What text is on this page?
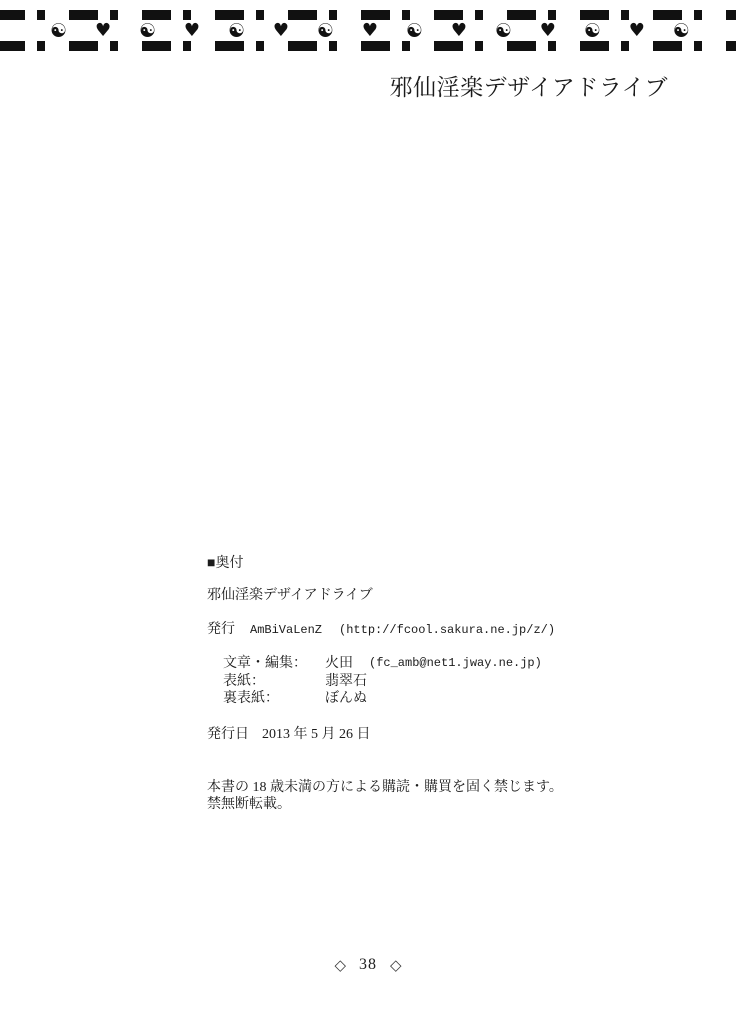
☯ ♥ ☯ ♥ ☯ ♥ ☯ ♥ ☯ ♥ ☯ ♥ ☯ ♥ ☯
邪仙淫楽デザイアドライブ
■奥付
邪仙淫楽デザイアドライブ
発行 AmBiVaLenZ (http://fcool.sakura.ne.jp/z/)
文章・編集：	火田	(fc_amb@net1.jway.ne.jp)
表紙：	翡翠石
裏表紙：	ぼんぬ
発行日 2013 年 5 月 26 日
本書の 18 歳未満の方による購読・購買を固く禁じます。
禁無断転載。
◇ 38 ◇
